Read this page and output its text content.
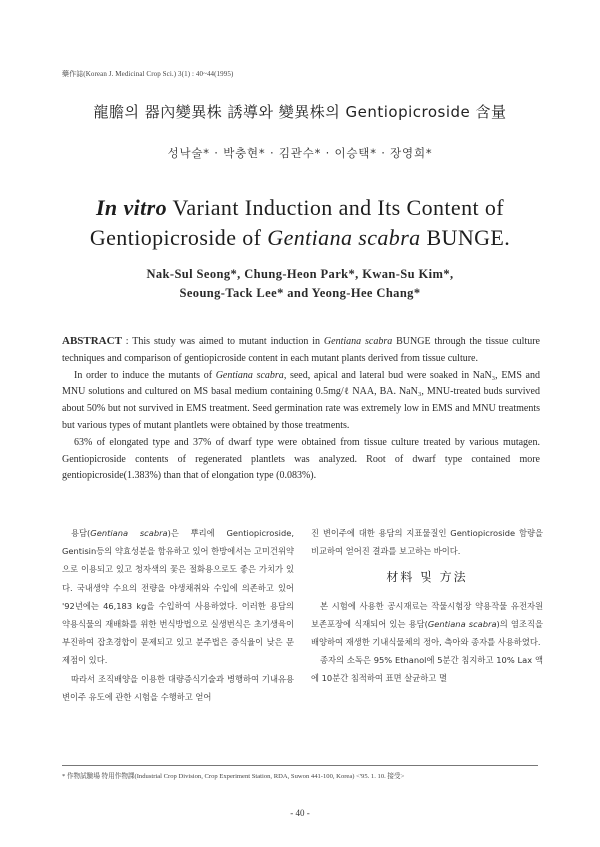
藥作誌(Korean J. Medicinal Crop Sci.) 3(1) : 40~44(1995)
龍膽의 器內變異株 誘導와 變異株의 Gentiopicroside 含量
성낙술* · 박충현* · 김관수* · 이승택* · 장영희*
In vitro Variant Induction and Its Content of
Gentiopicroside of Gentiana scabra BUNGE.
Nak-Sul Seong*, Chung-Heon Park*, Kwan-Su Kim*,
Seoung-Tack Lee* and Yeong-Hee Chang*

ABSTRACT : This study was aimed to mutant induction in Gentiana scabra BUNGE through the tissue culture techniques and comparison of gentiopicroside content in each mutant plants derived from tissue culture.

In order to induce the mutants of Gentiana scabra, seed, apical and lateral bud were soaked in NaN₃, EMS and MNU solutions and cultured on MS basal medium containing 0.5mg/ℓ NAA, BA. NaN₃, MNU-treated buds survived about 50% but not survived in EMS treatment. Seed germination rate was extremely low in EMS and MNU treatments but various types of mutant plantlets were obtained by those treatments.

63% of elongated type and 37% of dwarf type were obtained from tissue culture treated by various mutagen. Gentiopicroside contents of regenerated plantlets was analyzed. Root of dwarf type contained more gentiopicroside(1.383%) than that of elongation type (0.083%).

용담(Gentiana scabra)은 뿌리에 Gentiopicroside, Gentisin등의 약효성분을 함유하고 있어 한방에서는 고미건위약으로 이용되고 있고 청자색의 꽃은 절화용으로도 좋은 가치가 있다. 국내생약 수요의 전량을 야생채취와 수입에 의존하고 있어 '92년에는 46,183 kg을 수입하여 사용하였다. 이러한 용담의 약용식물의 재배화를 위한 번식방법으로 실생번식은 초기생육이 부진하여 잡초경합이 문제되고 있고 분주법은 증식율이 낮은 문제점이 있다.

따라서 조직배양을 이용한 대량증식기술과 병행하여 기내유용변이주 유도에 관한 시험을 수행하고 얻어

진 변이주에 대한 용담의 지표물질인 Gentiopicroside 함량을 비교하여 얻어진 결과를 보고하는 바이다.

材料 및 方法

본 시험에 사용한 공시재료는 작물시험장 약용작물 유전자원 보존포장에 식재되어 있는 용담(Gentiana scabra)의 염조직을 배양하여 재생한 기내식물체의 정아, 측아와 종자를 사용하였다.

종자의 소독은 95% Ethanol에 5분간 침지하고 10% Lax 액에 10분간 침적하여 표면 살균하고 멸

* 作物試驗場 特用作物課(Industrial Crop Division, Crop Experiment Station, RDA, Suwon 441-100, Korea) <'95. 1. 10. 接受>
- 40 -
